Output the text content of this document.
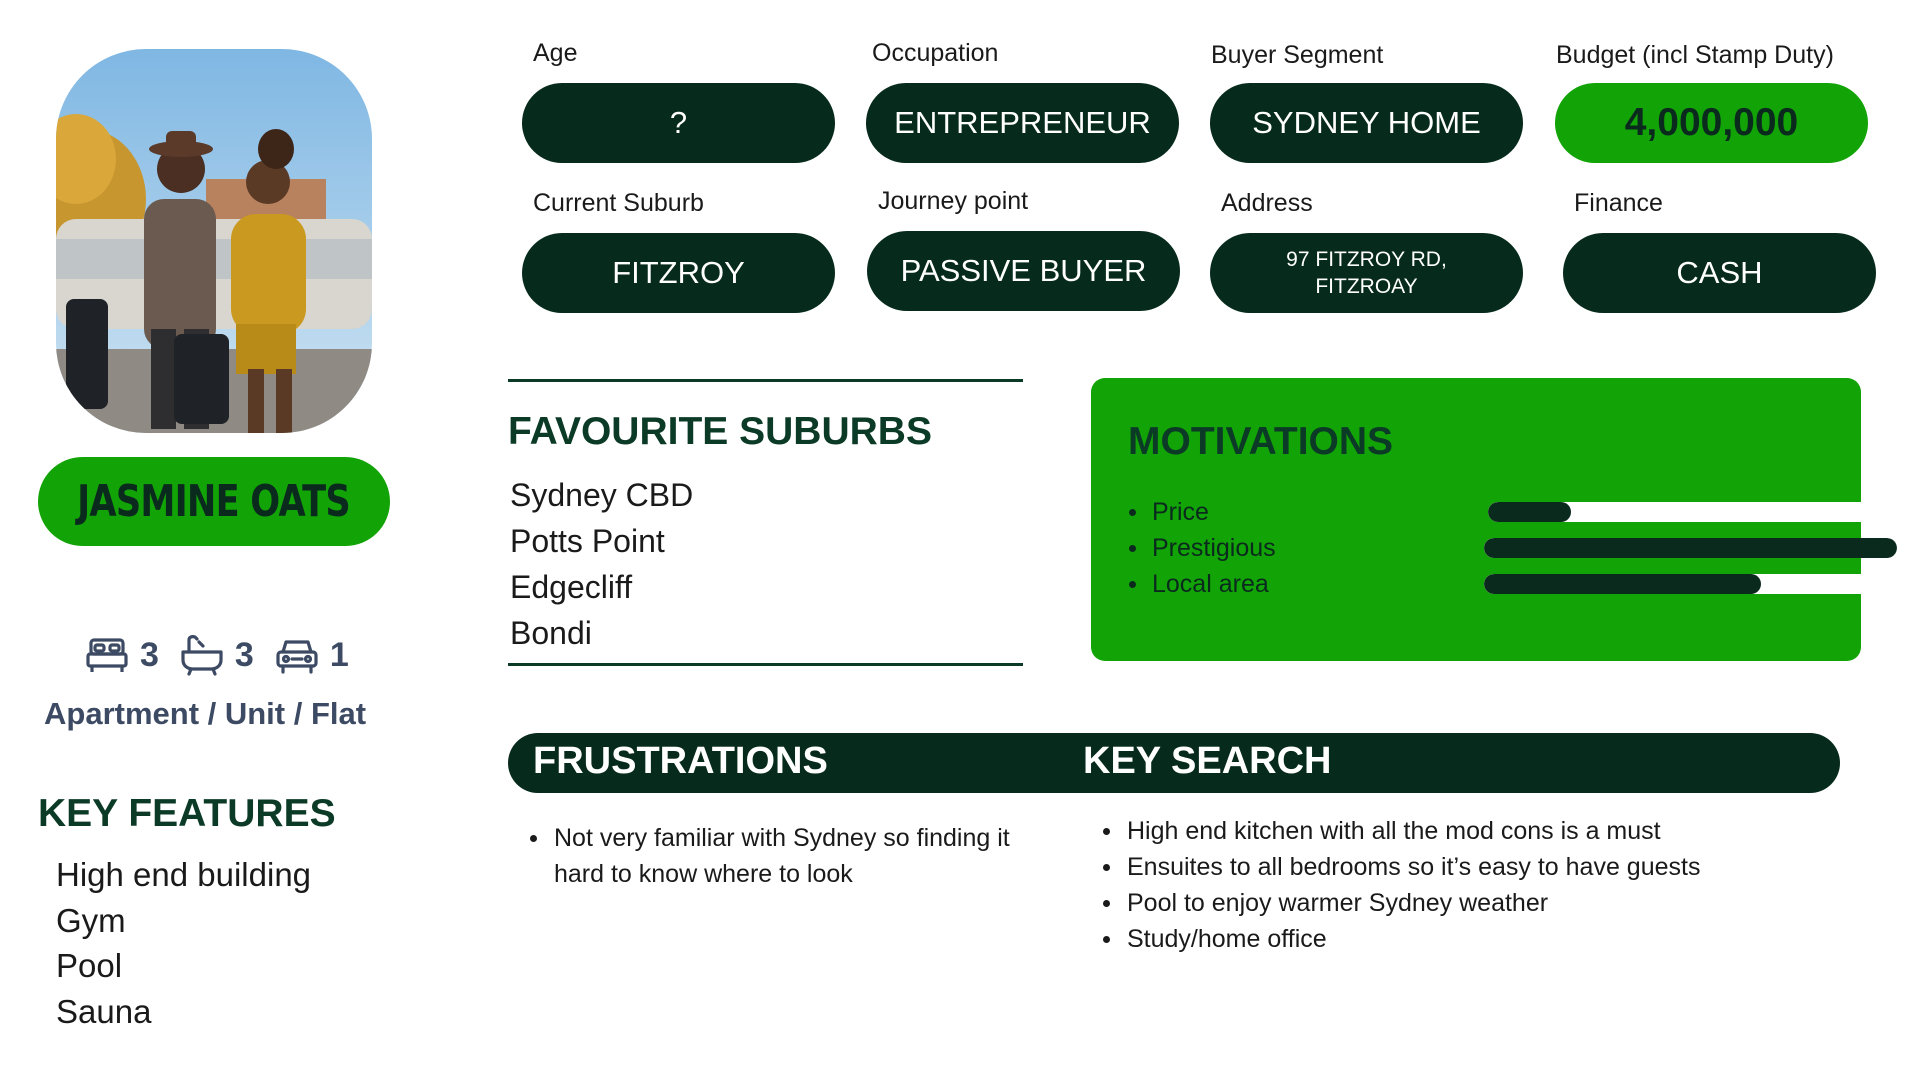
JASMINE OATS
3 3 1
Apartment / Unit / Flat
KEY FEATURES
High end building
Gym
Pool
Sauna
Age
?
Occupation
ENTREPRENEUR
Buyer Segment
SYDNEY HOME
Budget (incl Stamp Duty)
4,000,000
Current Suburb
FITZROY
Journey point
PASSIVE BUYER
Address
97 FITZROY RD, FITZROAY
Finance
CASH
FAVOURITE SUBURBS
Sydney CBD
Potts Point
Edgecliff
Bondi
MOTIVATIONS
Price
Prestigious
Local area
FRUSTRATIONS	KEY SEARCH
Not very familiar with Sydney so finding it hard to know where to look
High end kitchen with all the mod cons is a must
Ensuites to all bedrooms so it’s easy to have guests
Pool to enjoy warmer Sydney weather
Study/home office
